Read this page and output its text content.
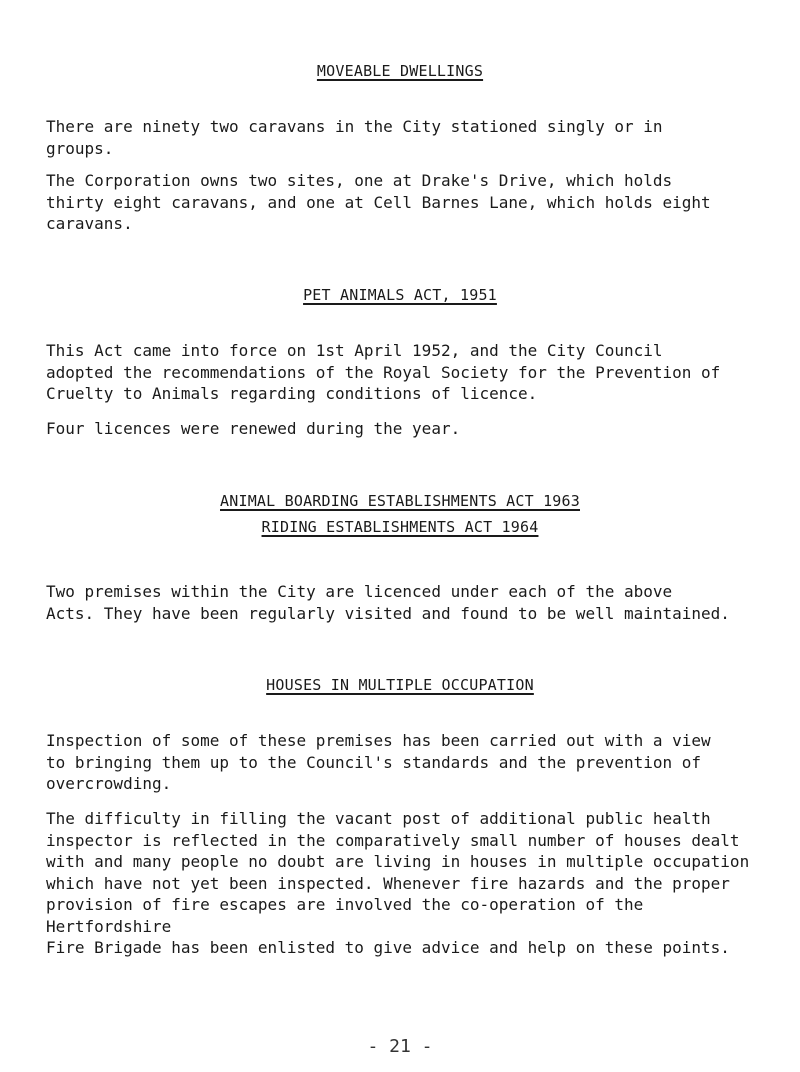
MOVEABLE DWELLINGS

There are ninety two caravans in the City stationed singly or in
groups.

The Corporation owns two sites, one at Drake's Drive, which holds
thirty eight caravans, and one at Cell Barnes Lane, which holds eight
caravans.

PET ANIMALS ACT, 1951

This Act came into force on 1st April 1952, and the City Council
adopted the recommendations of the Royal Society for the Prevention of
Cruelty to Animals regarding conditions of licence.

Four licences were renewed during the year.

ANIMAL BOARDING ESTABLISHMENTS ACT 1963
RIDING ESTABLISHMENTS ACT 1964

Two premises within the City are licenced under each of the above
Acts. They have been regularly visited and found to be well maintained.

HOUSES IN MULTIPLE OCCUPATION

Inspection of some of these premises has been carried out with a view
to bringing them up to the Council's standards and the prevention of
overcrowding.

The difficulty in filling the vacant post of additional public health
inspector is reflected in the comparatively small number of houses dealt
with and many people no doubt are living in houses in multiple occupation
which have not yet been inspected. Whenever fire hazards and the proper
provision of fire escapes are involved the co-operation of the Hertfordshire
Fire Brigade has been enlisted to give advice and help on these points.

- 21 -
